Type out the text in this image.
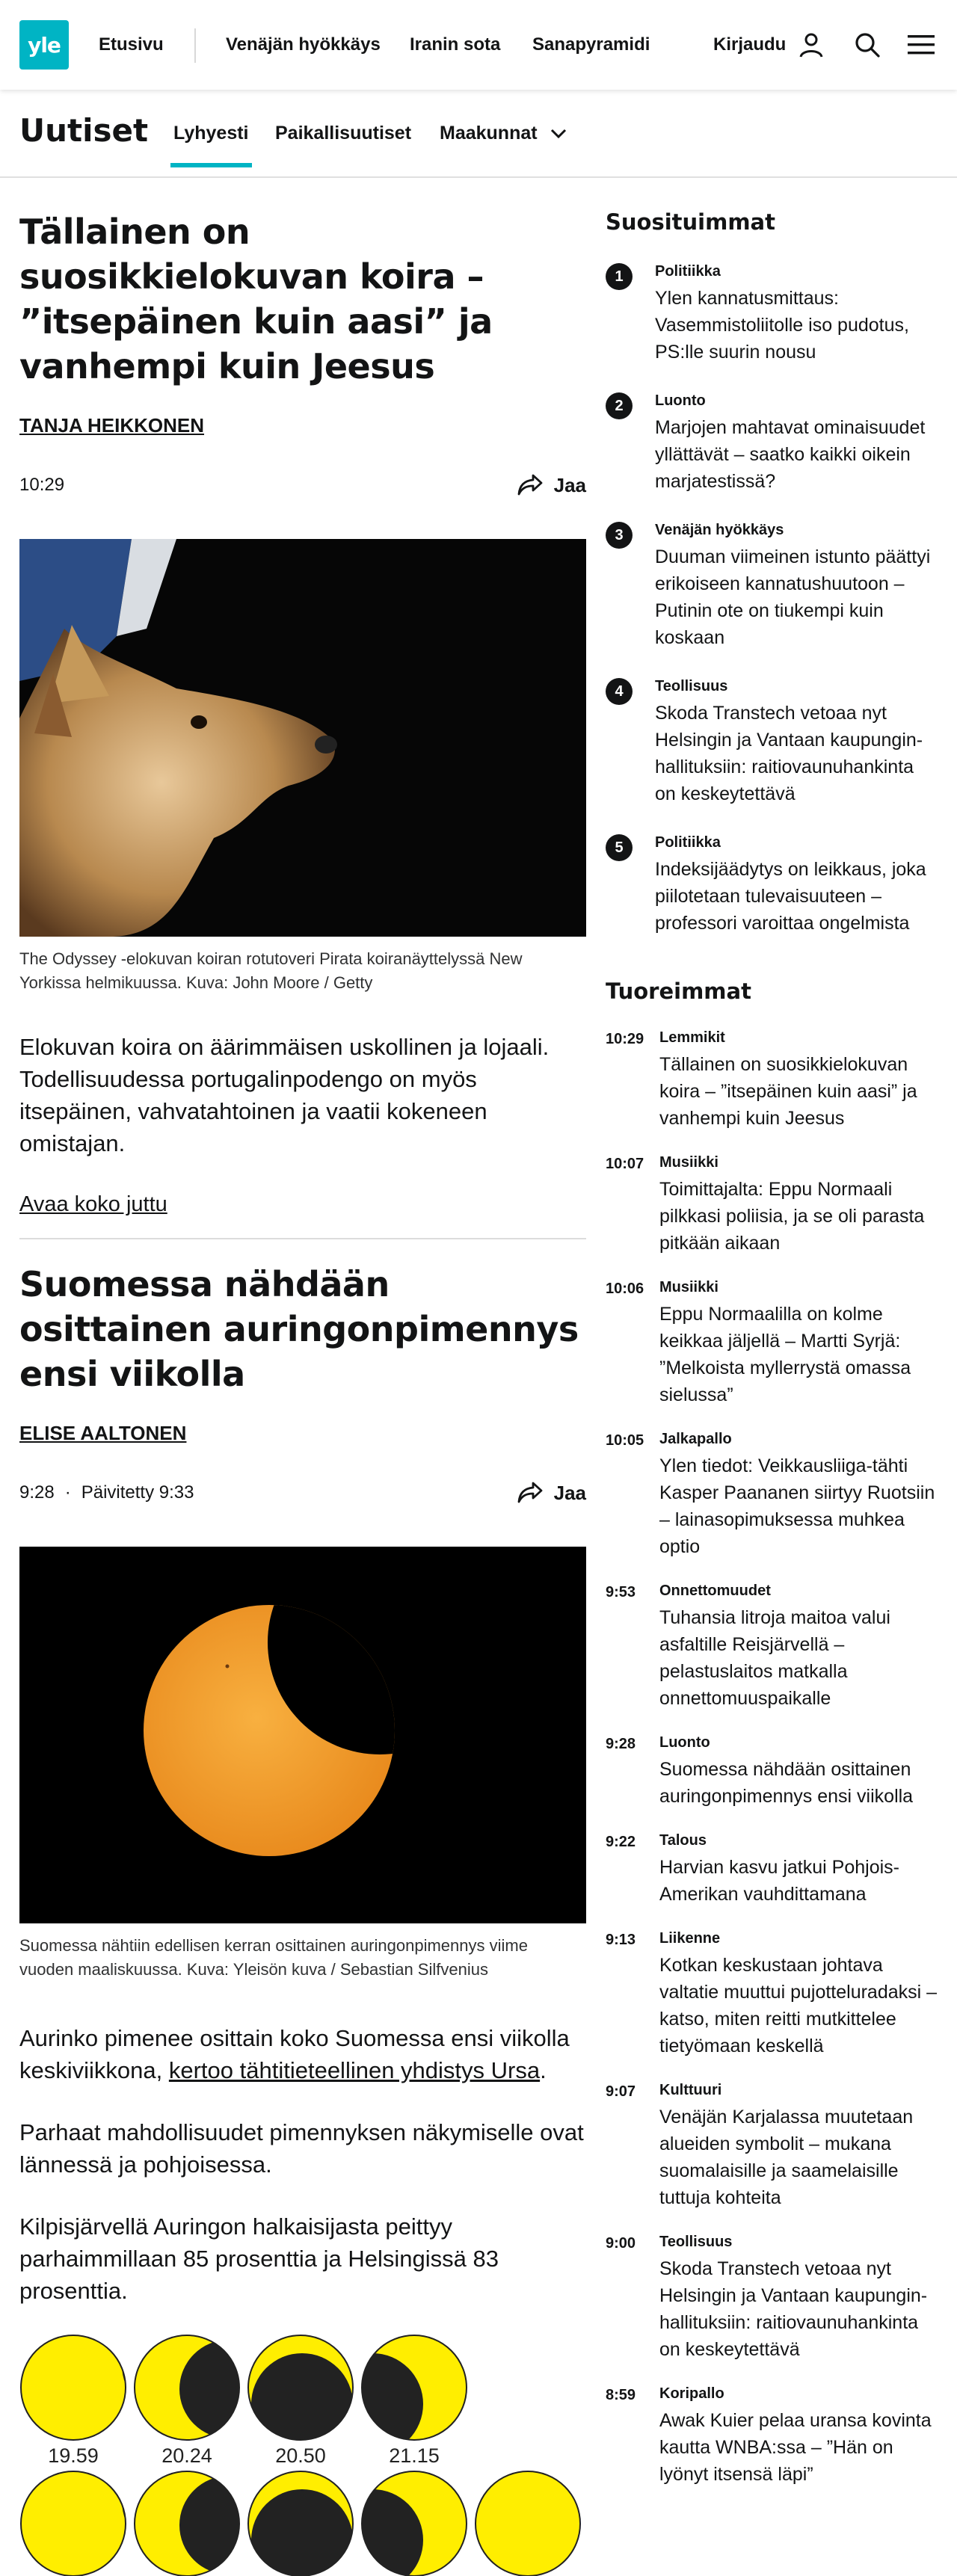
yle Etusivu	Venäjän hyökkäys Iranin sota Sanapyramidi	Kirjaudu
Uutiset Lyhyesti Paikallisuutiset Maakunnat
Tällainen on suosikkielokuvan koira – ”itsepäinen kuin aasi” ja vanhempi kuin Jeesus
TANJA HEIKKONEN
10:29	Jaa

The Odyssey -elokuvan koiran rotutoveri Pirata koiranäyttelyssä New Yorkissa helmikuussa. Kuva: John Moore / Getty

Elokuvan koira on äärimmäisen uskollinen ja lojaali. Todellisuudessa portugalinpodengo on myös itsepäinen, vahvatahtoinen ja vaatii kokeneen omistajan.

Avaa koko juttu
Suomessa nähdään osittainen auringonpimennys ensi viikolla
ELISE AALTONEN
9:28 · Päivitetty 9:33	Jaa

Suomessa nähtiin edellisen kerran osittainen auringonpimennys viime vuoden maaliskuussa. Kuva: Yleisön kuva / Sebastian Silfvenius

Aurinko pimenee osittain koko Suomessa ensi viikolla keskiviikkona, kertoo tähtitieteellinen yhdistys Ursa.

Parhaat mahdollisuudet pimennyksen näkymiselle ovat lännessä ja pohjoisessa.

Kilpisjärvellä Auringon halkaisijasta peittyy parhaimmillaan 85 prosenttia ja Helsingissä 83 prosenttia.

19.59	20.24	20.50	21.15
Suosituimmat
1	Politiikka
Ylen kannatusmittaus: Vasemmistoliitolle iso pudotus, PS:lle suurin nousu
2	Luonto
Marjojen mahtavat ominaisuudet yllättävät – saatko kaikki oikein marjatestissä?
3	Venäjän hyökkäys
Duuman viimeinen istunto päättyi erikoiseen kannatushuutoon – Putinin ote on tiukempi kuin koskaan
4	Teollisuus
Skoda Transtech vetoaa nyt Helsingin ja Vantaan kaupunginhallituksiin: raitiovaunuhankinta on keskeytettävä
5	Politiikka
Indeksijäädytys on leikkaus, joka piilotetaan tulevaisuuteen – professori varoittaa ongelmista
Tuoreimmat
10:29	Lemmikit
Tällainen on suosikkielokuvan koira – ”itsepäinen kuin aasi” ja vanhempi kuin Jeesus
10:07	Musiikki
Toimittajalta: Eppu Normaali pilkkasi poliisia, ja se oli parasta pitkään aikaan
10:06	Musiikki
Eppu Normaalilla on kolme keikkaa jäljellä – Martti Syrjä: ”Melkoista myllerrystä omassa sielussa”
10:05	Jalkapallo
Ylen tiedot: Veikkausliiga-tähti Kasper Paananen siirtyy Ruotsiin – lainasopimuksessa muhkea optio
9:53	Onnettomuudet
Tuhansia litroja maitoa valui asfaltille Reisjärvellä – pelastuslaitos matkalla onnettomuuspaikalle
9:28	Luonto
Suomessa nähdään osittainen auringonpimennys ensi viikolla
9:22	Talous
Harvian kasvu jatkui Pohjois-Amerikan vauhdittamana
9:13	Liikenne
Kotkan keskustaan johtava valtatie muuttui pujotteluradaksi – katso, miten reitti mutkittelee tietyömaan keskellä
9:07	Kulttuuri
Venäjän Karjalassa muutetaan alueiden symbolit – mukana suomalaisille ja saamelaisille tuttuja kohteita
9:00	Teollisuus
Skoda Transtech vetoaa nyt Helsingin ja Vantaan kaupunginhallituksiin: raitiovaunuhankinta on keskeytettävä
8:59	Koripallo
Awak Kuier pelaa uransa kovinta kautta WNBA:ssa – ”Hän on lyönyt itsensä läpi”
